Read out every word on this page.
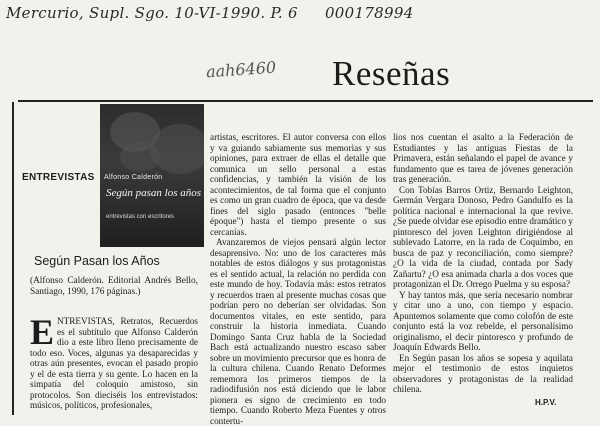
Mercurio, Supl. Sgo. 10-VI-1990. P. 6 000178994
aah6460 Reseñas
Alfonso Calderón
Según pasan los años
entrevistas con escritores
ENTREVISTAS
Según Pasan los Años
(Alfonso Calderón. Editorial Andrés Bello, Santiago, 1990, 176 páginas.)

ENTREVISTAS, Retratos, Recuerdos es el subtítulo que Alfonso Calderón dio a este libro lleno precisamente de todo eso. Voces, algunas ya desaparecidas y otras aún presentes, evocan el pasado propio y el de esta tierra y su gente. Lo hacen en la simpatía del coloquio amistoso, sin protocolos. Son dieciséis los entrevistados: músicos, políticos, profesionales,

artistas, escritores. El autor conversa con ellos y va guiando sabiamente sus memorias y sus opiniones, para extraer de ellas el detalle que comunica un sello personal a estas confidencias, y también la visión de los acontecimientos, de tal forma que el conjunto es como un gran cuadro de época, que va desde fines del siglo pasado (entonces "belle époque") hasta el tiempo presente o sus cercanías.

Avanzaremos de viejos pensará algún lector desaprensivo. No: uno de los caracteres más notables de estos diálogos y sus protagonistas es el sentido actual, la relación no perdida con este mundo de hoy. Todavía más: estos retratos y recuerdos traen al presente muchas cosas que podrían pero no deberían ser olvidadas. Son documentos vitales, en este sentido, para construir la historia inmediata. Cuando Domingo Santa Cruz habla de la Sociedad Bach está actualizando nuestro escaso saber sobre un movimiento precursor que es honra de la cultura chilena. Cuando Renato Deformes rememora los primeros tiempos de la radiodifusión nos está diciendo que le labor pionera es signo de crecimiento en todo tiempo. Cuando Roberto Meza Fuentes y otros contertu-

lios nos cuentan el asalto a la Federación de Estudiantes y las antiguas Fiestas de la Primavera, están señalando el papel de avance y fundamento que es tarea de jóvenes generación tras generación.

Con Tobías Barros Ortiz, Bernardo Leighton, Germán Vergara Donoso, Pedro Gandulfo es la política nacional e internacional la que revive. ¿Se puede olvidar ese episodio entre dramático y pintoresco del joven Leighton dirigiéndose al sublevado Latorre, en la rada de Coquimbo, en busca de paz y reconciliación, como siempre? ¿O la vida de la ciudad, contada por Sady Zañartu? ¿O esa animada charla a dos voces que protagonizan el Dr. Orrego Puelma y su esposa?

Y hay tantos más, que sería necesario nombrar y citar uno a uno, con tiempo y espacio. Apuntemos solamente que como colofón de este conjunto está la voz rebelde, el personalísimo originalismo, el decir pintoresco y profundo de Joaquín Edwards Bello.

En Según pasan los años se sopesa y aquilata mejor el testimonio de estos inquietos observadores y protagonistas de la realidad chilena.

H.P.V.
